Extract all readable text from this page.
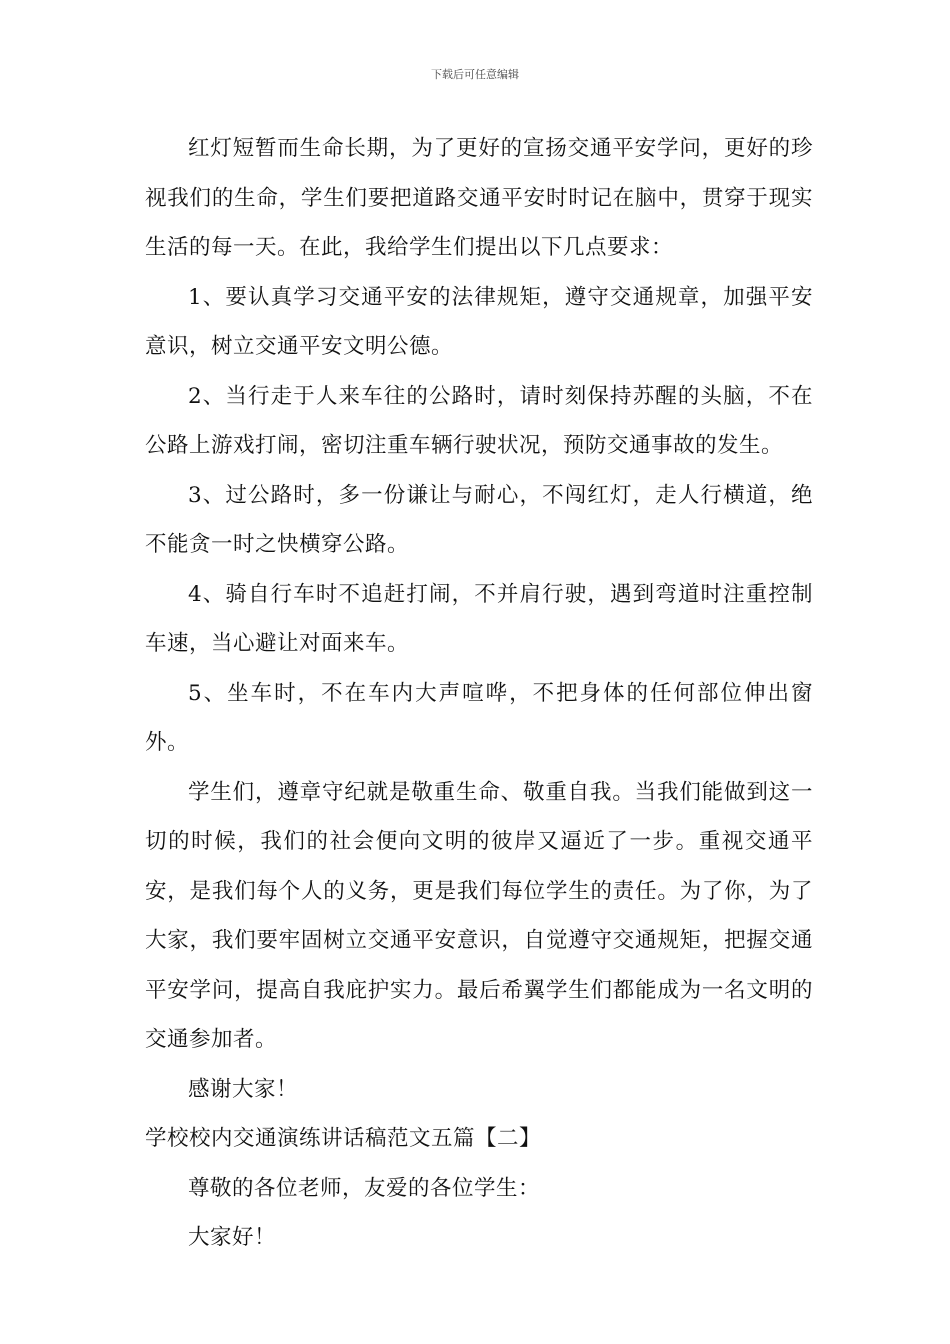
下载后可任意编辑

红灯短暂而生命长期，为了更好的宣扬交通平安学问，更好的珍视我们的生命，学生们要把道路交通平安时时记在脑中，贯穿于现实生活的每一天。在此，我给学生们提出以下几点要求：

1、要认真学习交通平安的法律规矩，遵守交通规章，加强平安意识，树立交通平安文明公德。

2、当行走于人来车往的公路时，请时刻保持苏醒的头脑，不在公路上游戏打闹，密切注重车辆行驶状况，预防交通事故的发生。

3、过公路时，多一份谦让与耐心，不闯红灯，走人行横道，绝不能贪一时之快横穿公路。

4、骑自行车时不追赶打闹，不并肩行驶，遇到弯道时注重控制车速，当心避让对面来车。

5、坐车时，不在车内大声喧哗，不把身体的任何部位伸出窗外。

学生们，遵章守纪就是敬重生命、敬重自我。当我们能做到这一切的时候，我们的社会便向文明的彼岸又逼近了一步。重视交通平安，是我们每个人的义务，更是我们每位学生的责任。为了你，为了大家，我们要牢固树立交通平安意识，自觉遵守交通规矩，把握交通平安学问，提高自我庇护实力。最后希翼学生们都能成为一名文明的交通参加者。

感谢大家！

学校校内交通演练讲话稿范文五篇【二】

尊敬的各位老师，友爱的各位学生：

大家好！
